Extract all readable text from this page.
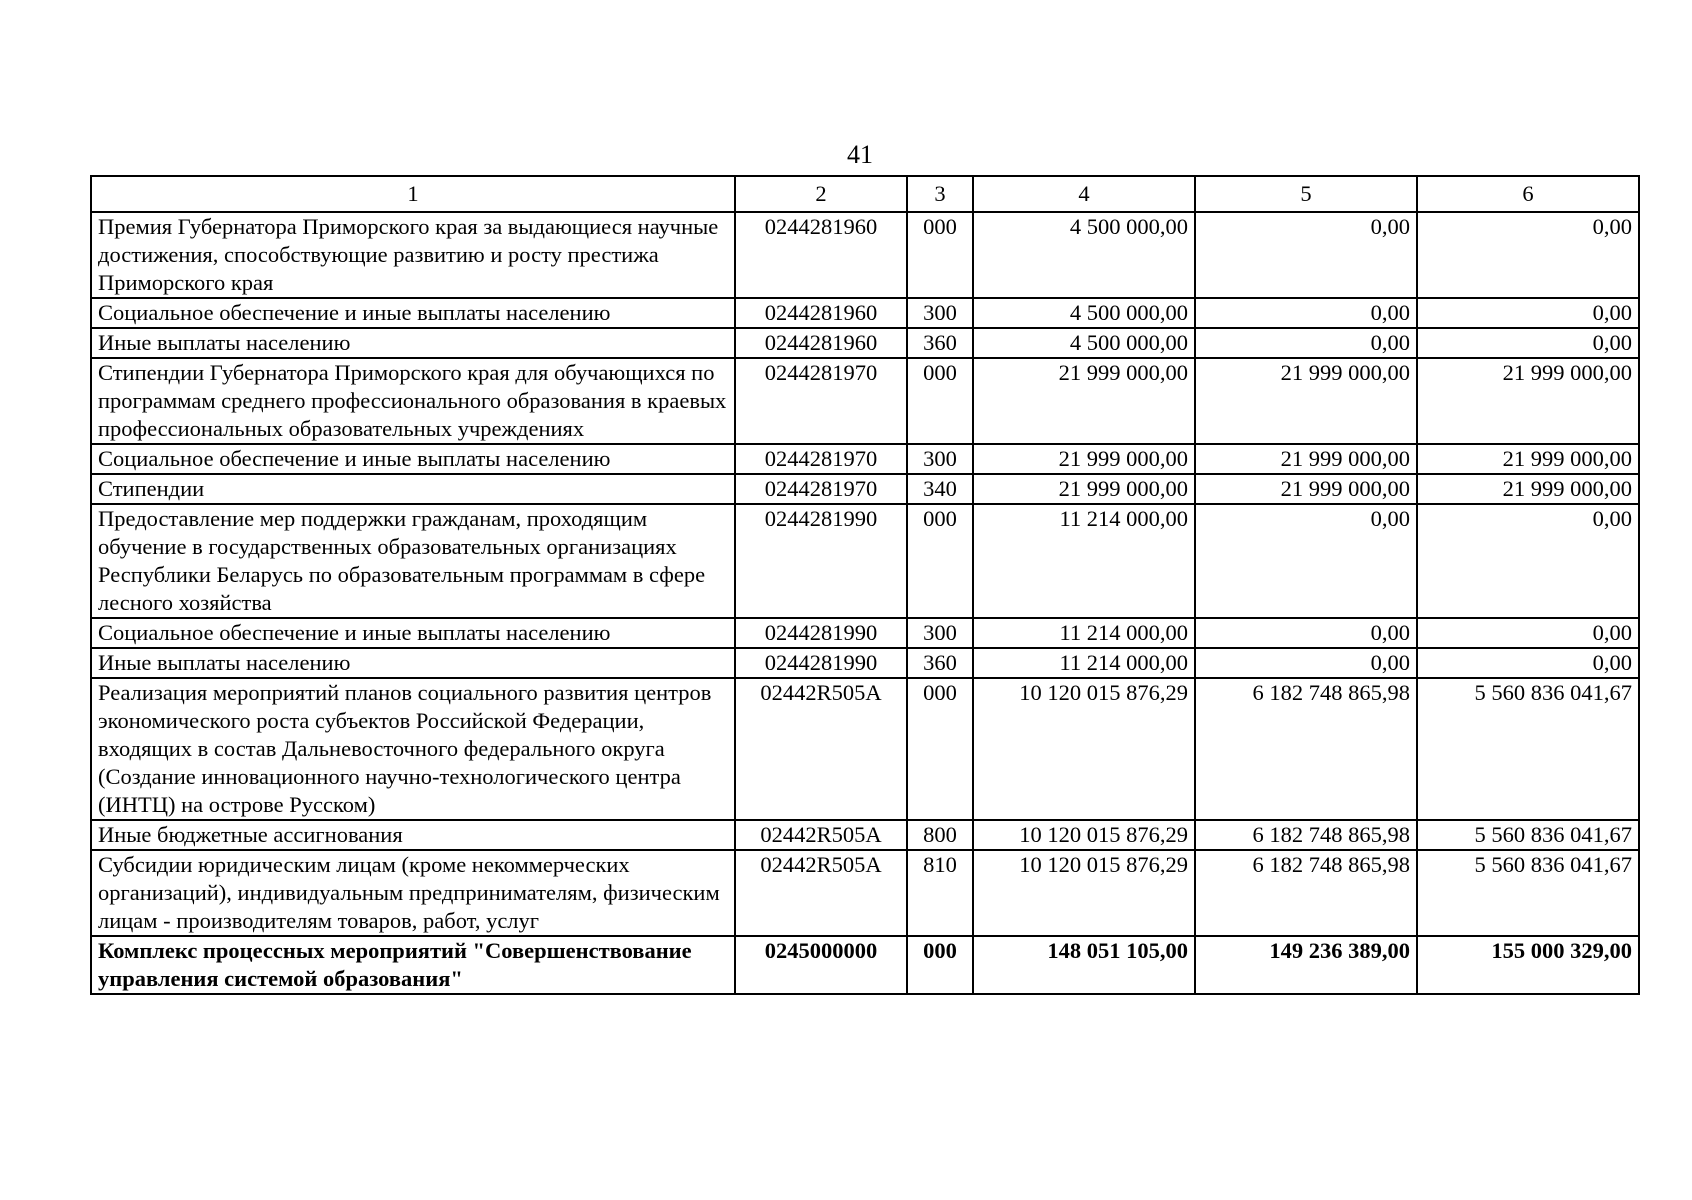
41
1	2	3	4	5	6
Премия Губернатора Приморского края за выдающиеся научные достижения, способствующие развитию и росту престижа Приморского края	0244281960	000	4 500 000,00	0,00	0,00
Социальное обеспечение и иные выплаты населению	0244281960	300	4 500 000,00	0,00	0,00
Иные выплаты населению	0244281960	360	4 500 000,00	0,00	0,00
Стипендии Губернатора Приморского края для обучающихся по программам среднего профессионального образования в краевых профессиональных образовательных учреждениях	0244281970	000	21 999 000,00	21 999 000,00	21 999 000,00
Социальное обеспечение и иные выплаты населению	0244281970	300	21 999 000,00	21 999 000,00	21 999 000,00
Стипендии	0244281970	340	21 999 000,00	21 999 000,00	21 999 000,00
Предоставление мер поддержки гражданам, проходящим обучение в государственных образовательных организациях Республики Беларусь по образовательным программам в сфере лесного хозяйства	0244281990	000	11 214 000,00	0,00	0,00
Социальное обеспечение и иные выплаты населению	0244281990	300	11 214 000,00	0,00	0,00
Иные выплаты населению	0244281990	360	11 214 000,00	0,00	0,00
Реализация мероприятий планов социального развития центров экономического роста субъектов Российской Федерации, входящих в состав Дальневосточного федерального округа (Создание инновационного научно-технологического центра (ИНТЦ) на острове Русском)	02442R505A	000	10 120 015 876,29	6 182 748 865,98	5 560 836 041,67
Иные бюджетные ассигнования	02442R505A	800	10 120 015 876,29	6 182 748 865,98	5 560 836 041,67
Субсидии юридическим лицам (кроме некоммерческих организаций), индивидуальным предпринимателям, физическим лицам - производителям товаров, работ, услуг	02442R505A	810	10 120 015 876,29	6 182 748 865,98	5 560 836 041,67
Комплекс процессных мероприятий "Совершенствование управления системой образования"	0245000000	000	148 051 105,00	149 236 389,00	155 000 329,00
